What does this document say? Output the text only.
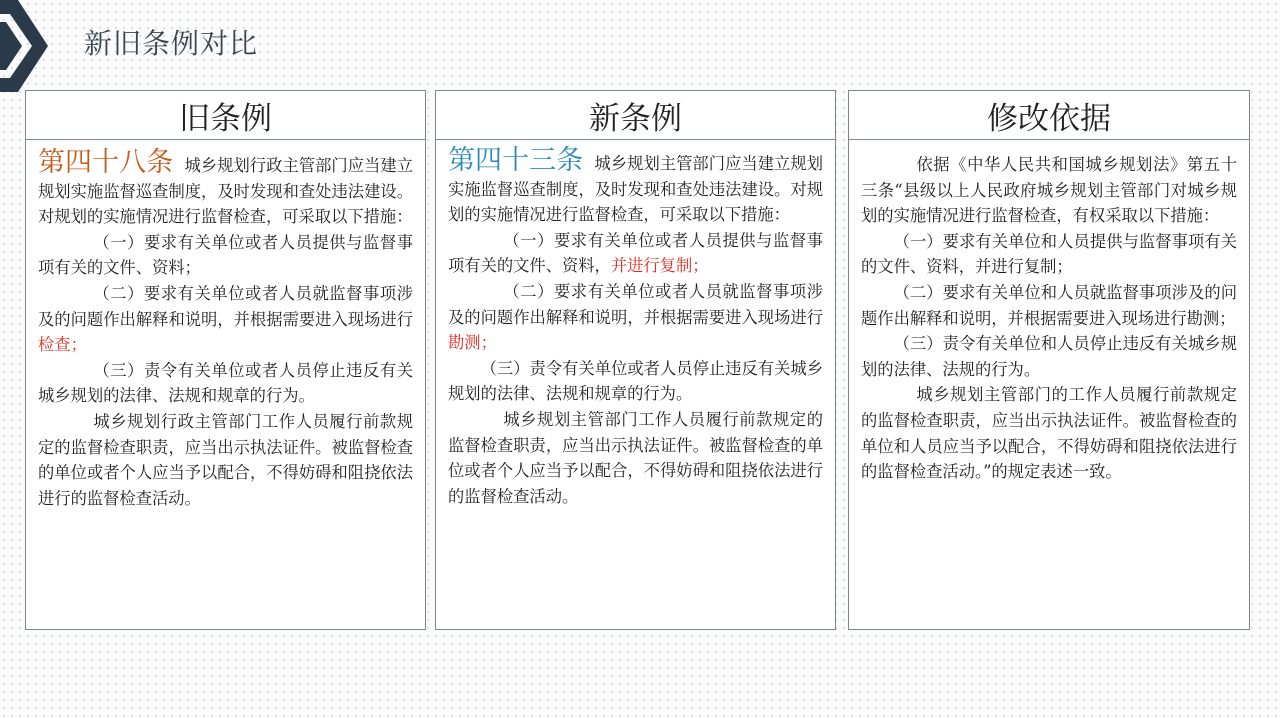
新旧条例对比
旧条例

第四十八条 城乡规划行政主管部门应当建立规划实施监督巡查制度，及时发现和查处违法建设。对规划的实施情况进行监督检查，可采取以下措施：

（一）要求有关单位或者人员提供与监督事项有关的文件、资料；

（二）要求有关单位或者人员就监督事项涉及的问题作出解释和说明，并根据需要进入现场进行检查；

（三）责令有关单位或者人员停止违反有关城乡规划的法律、法规和规章的行为。

城乡规划行政主管部门工作人员履行前款规定的监督检查职责，应当出示执法证件。被监督检查的单位或者个人应当予以配合，不得妨碍和阻挠依法进行的监督检查活动。

新条例

第四十三条 城乡规划主管部门应当建立规划实施监督巡查制度，及时发现和查处违法建设。对规划的实施情况进行监督检查，可采取以下措施：

（一）要求有关单位或者人员提供与监督事项有关的文件、资料，并进行复制；

（二）要求有关单位或者人员就监督事项涉及的问题作出解释和说明，并根据需要进入现场进行勘测；

（三）责令有关单位或者人员停止违反有关城乡规划的法律、法规和规章的行为。

城乡规划主管部门工作人员履行前款规定的监督检查职责，应当出示执法证件。被监督检查的单位或者个人应当予以配合，不得妨碍和阻挠依法进行的监督检查活动。

修改依据

依据《中华人民共和国城乡规划法》第五十三条“县级以上人民政府城乡规划主管部门对城乡规划的实施情况进行监督检查，有权采取以下措施：

（一）要求有关单位和人员提供与监督事项有关的文件、资料，并进行复制；

（二）要求有关单位和人员就监督事项涉及的问题作出解释和说明，并根据需要进入现场进行勘测；

（三）责令有关单位和人员停止违反有关城乡规划的法律、法规的行为。

城乡规划主管部门的工作人员履行前款规定的监督检查职责，应当出示执法证件。被监督检查的单位和人员应当予以配合，不得妨碍和阻挠依法进行的监督检查活动。”的规定表述一致。
